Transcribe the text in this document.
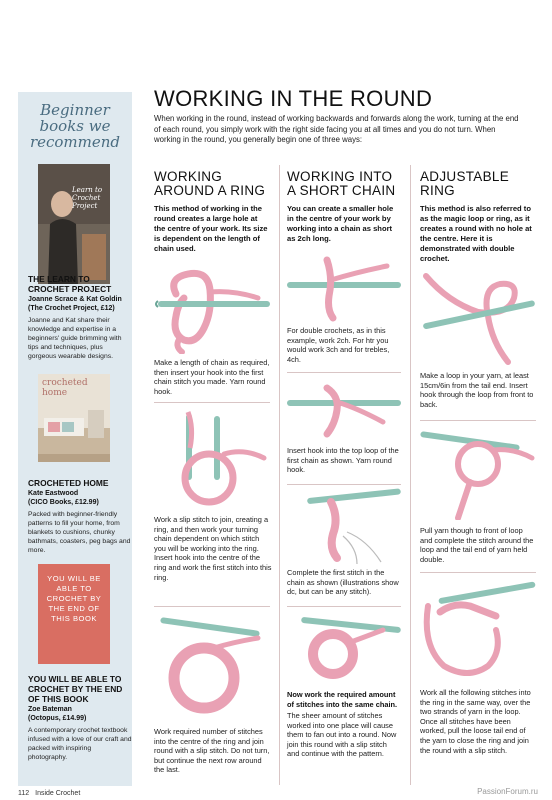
Beginner
books we
recommend
Learn to Crochet Project
THE LEARN TO CROCHET PROJECT
Joanne Scrace & Kat Goldin
(The Crochet Project, £12)
Joanne and Kat share their knowledge and expertise in a beginners' guide brimming with tips and techniques, plus gorgeous wearable designs.
crocheted home
CROCHETED HOME
Kate Eastwood
(CICO Books, £12.99)
Packed with beginner-friendly patterns to fill your home, from blankets to cushions, chunky bathmats, coasters, peg bags and more.
YOU WILL BE ABLE TO CROCHET BY THE END OF THIS BOOK
YOU WILL BE ABLE TO CROCHET BY THE END OF THIS BOOK
Zoe Bateman
(Octopus, £14.99)
A contemporary crochet textbook infused with a love of our craft and packed with inspiring photography.
WORKING IN THE ROUND
When working in the round, instead of working backwards and forwards along the work, turning at the end of each round, you simply work with the right side facing you at all times and you do not turn. When working in the round, you generally begin one of three ways:
WORKING
AROUND A RING
This method of working in the round creates a large hole at the centre of your work. Its size is dependent on the length of chain used.
Make a length of chain as required, then insert your hook into the first chain stitch you made. Yarn round hook.
Work a slip stitch to join, creating a ring, and then work your turning chain dependent on which stitch you will be working into the ring. Insert hook into the centre of the ring and work the first stitch into this ring.
Work required number of stitches into the centre of the ring and join round with a slip stitch. Do not turn, but continue the next row around the last.
WORKING INTO
A SHORT CHAIN
You can create a smaller hole in the centre of your work by working into a chain as short as 2ch long.
For double crochets, as in this example, work 2ch. For htr you would work 3ch and for trebles, 4ch.
Insert hook into the top loop of the first chain as shown. Yarn round hook.
Complete the first stitch in the chain as shown (illustrations show dc, but can be any stitch).
Now work the required amount of stitches into the same chain.
The sheer amount of stitches worked into one place will cause them to fan out into a round. Now join this round with a slip stitch and continue with the pattern.
ADJUSTABLE
RING
This method is also referred to as the magic loop or ring, as it creates a round with no hole at the centre. Here it is demonstrated with double crochet.
Make a loop in your yarn, at least 15cm/6in from the tail end. Insert hook through the loop from front to back.
Pull yarn though to front of loop and complete the stitch around the loop and the tail end of yarn held double.
Work all the following stitches into the ring in the same way, over the two strands of yarn in the loop. Once all stitches have been worked, pull the loose tail end of the yarn to close the ring and join the round with a slip stitch.
112 Inside Crochet	PassionForum.ru
